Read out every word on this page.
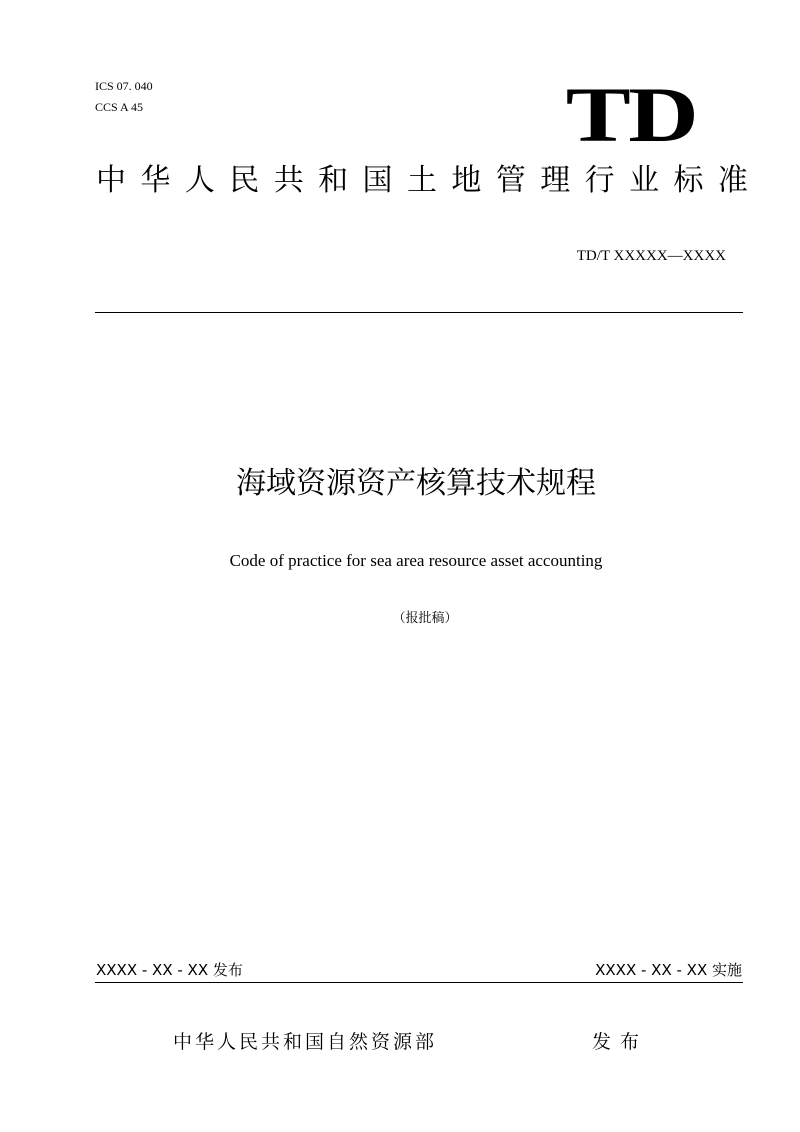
ICS 07. 040
CCS A 45	TD
中 华 人 民 共 和 国 土 地 管 理 行 业 标 准
TD/T XXXXX—XXXX
海域资源资产核算技术规程
Code of practice for sea area resource asset accounting
（报批稿）
XXXX - XX - XX 发布	XXXX - XX - XX 实施
中华人民共和国自然资源部	发布
